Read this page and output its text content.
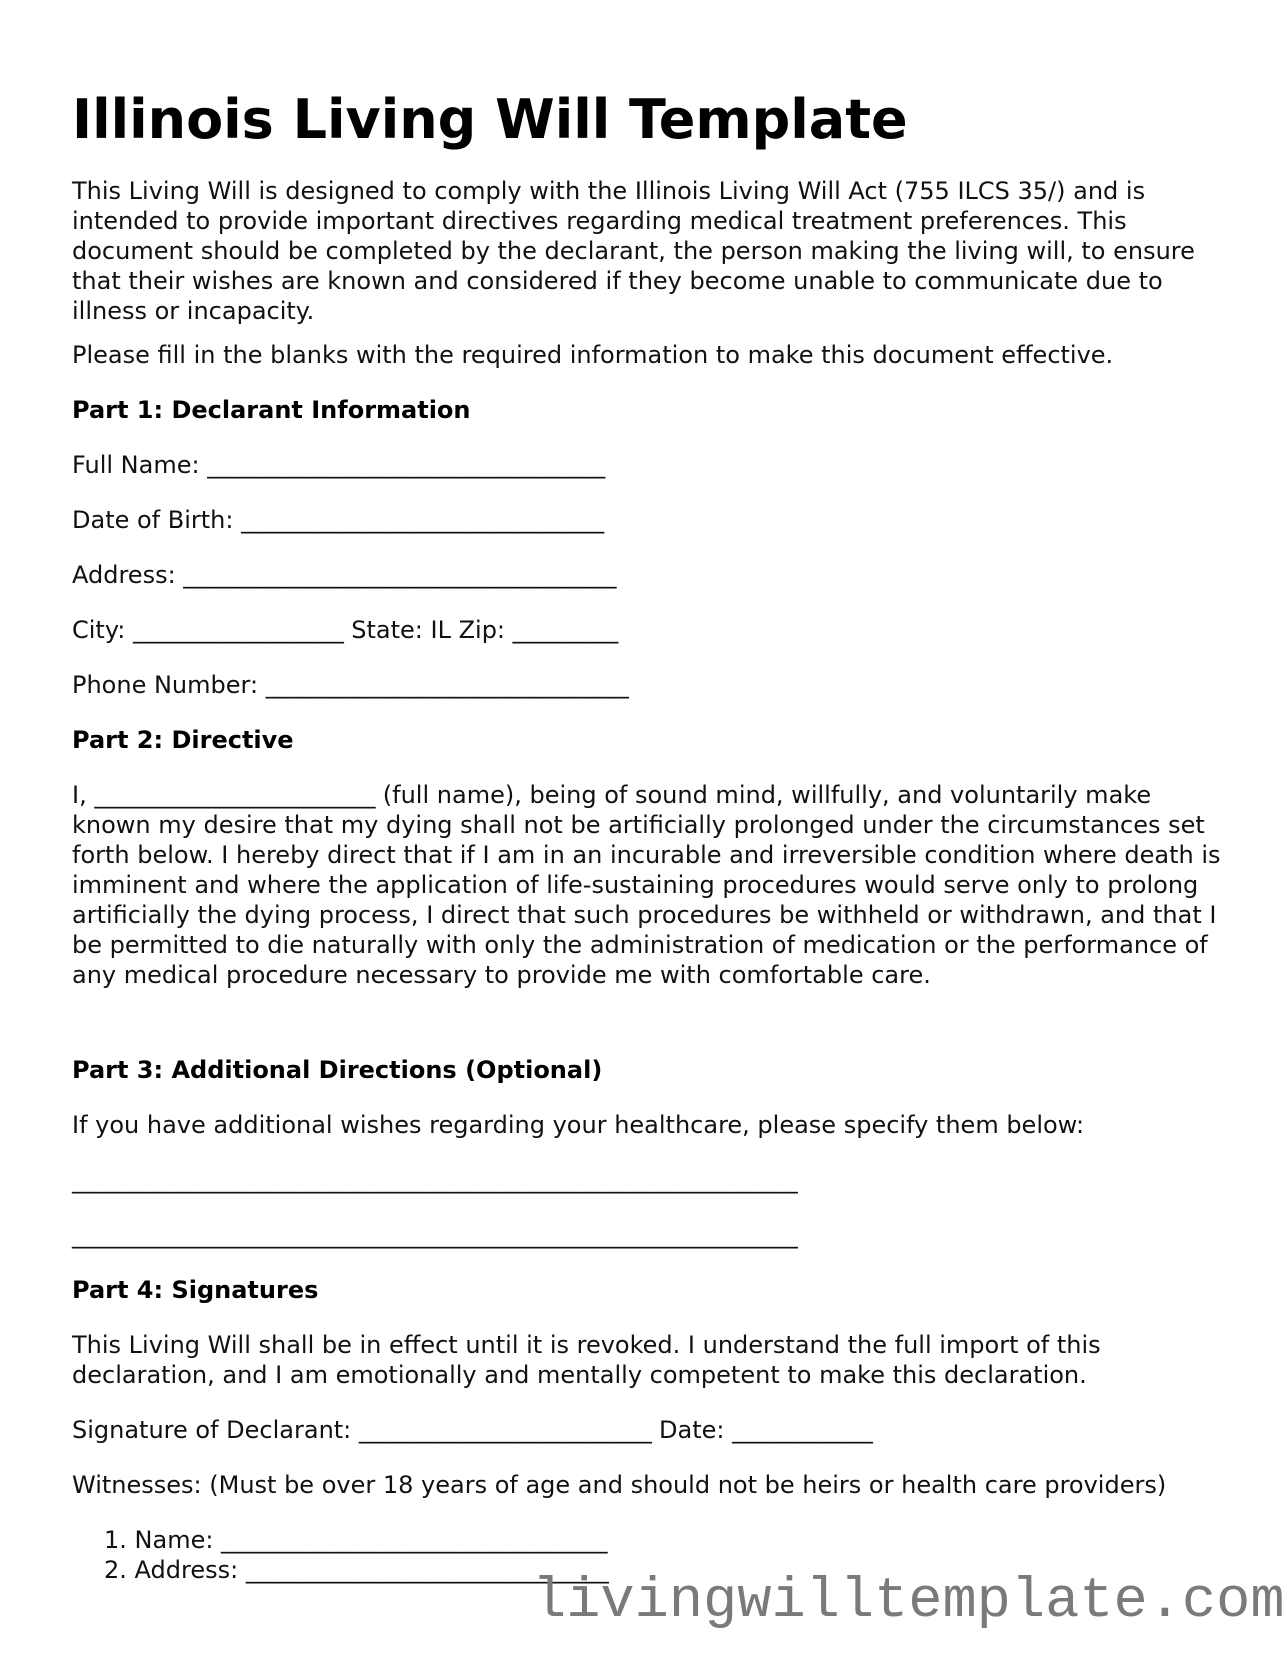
Illinois Living Will Template

This Living Will is designed to comply with the Illinois Living Will Act (755 ILCS 35/) and is intended to provide important directives regarding medical treatment preferences. This document should be completed by the declarant, the person making the living will, to ensure that their wishes are known and considered if they become unable to communicate due to illness or incapacity.

Please fill in the blanks with the required information to make this document effective.

Part 1: Declarant Information

Full Name: __________________________________

Date of Birth: _______________________________

Address: _____________________________________

City: __________________ State: IL Zip: _________

Phone Number: _______________________________

Part 2: Directive

I, ________________________ (full name), being of sound mind, willfully, and voluntarily make known my desire that my dying shall not be artificially prolonged under the circumstances set forth below. I hereby direct that if I am in an incurable and irreversible condition where death is imminent and where the application of life-sustaining procedures would serve only to prolong artificially the dying process, I direct that such procedures be withheld or withdrawn, and that I be permitted to die naturally with only the administration of medication or the performance of any medical procedure necessary to provide me with comfortable care.

Part 3: Additional Directions (Optional)

If you have additional wishes regarding your healthcare, please specify them below:

______________________________________________________________

______________________________________________________________

Part 4: Signatures

This Living Will shall be in effect until it is revoked. I understand the full import of this declaration, and I am emotionally and mentally competent to make this declaration.

Signature of Declarant: _________________________ Date: ____________

Witnesses: (Must be over 18 years of age and should not be heirs or health care providers)

1. Name: _________________________________
2. Address: _______________________________
livingwilltemplate.com
